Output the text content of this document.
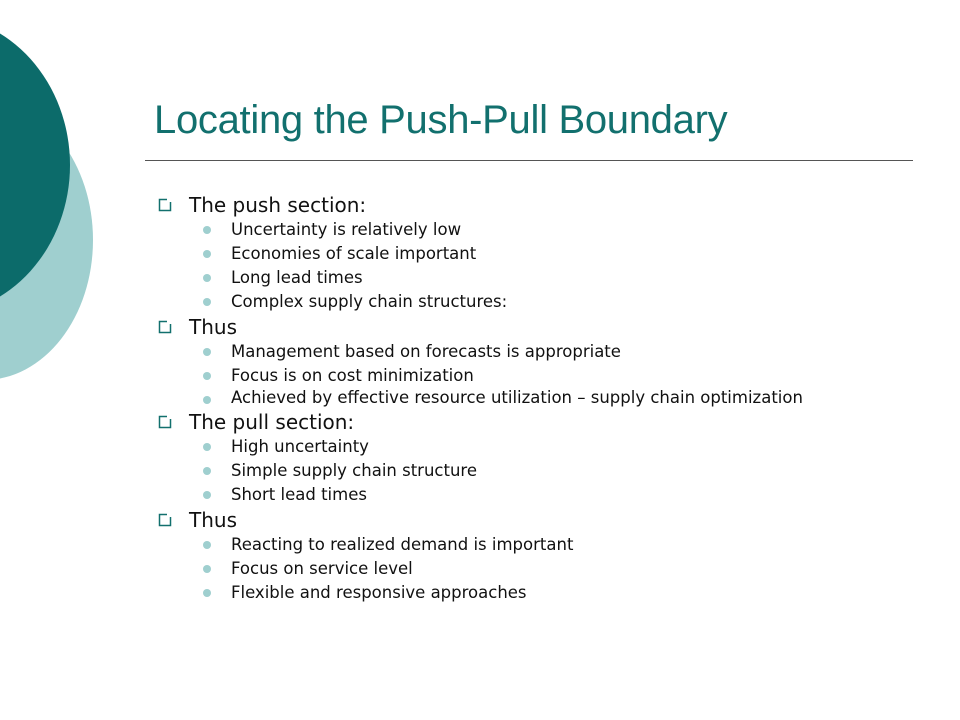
Locating the Push-Pull Boundary
The push section:
Uncertainty is relatively low
Economies of scale important
Long lead times
Complex supply chain structures:
Thus
Management based on forecasts is appropriate
Focus is on cost minimization
Achieved by effective resource utilization – supply chain optimization
The pull section:
High uncertainty
Simple supply chain structure
Short lead times
Thus
Reacting to realized demand is important
Focus on service level
Flexible and responsive approaches
